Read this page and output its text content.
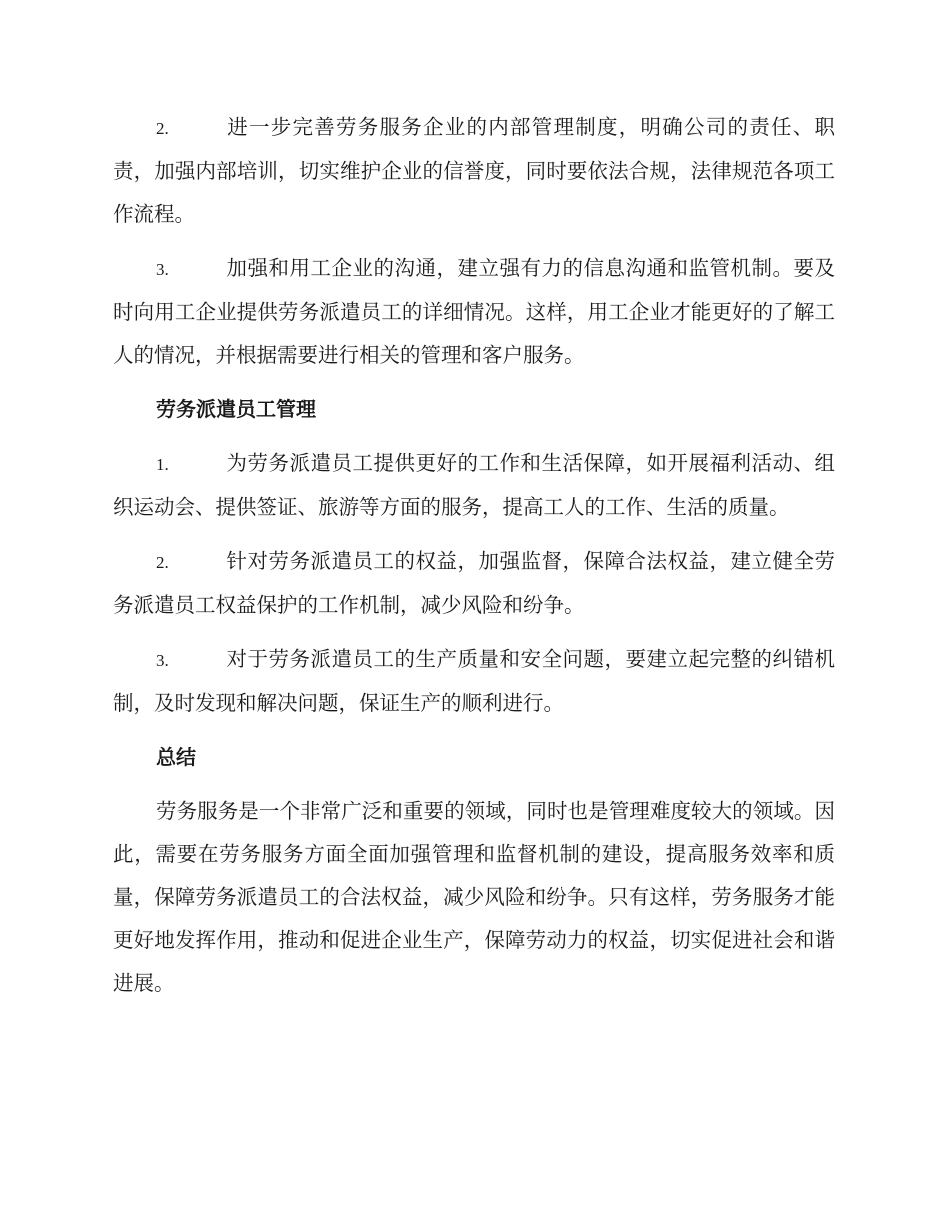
2.	进一步完善劳务服务企业的内部管理制度，明确公司的责任、职责，加强内部培训，切实维护企业的信誉度，同时要依法合规，法律规范各项工作流程。

3.	加强和用工企业的沟通，建立强有力的信息沟通和监管机制。要及时向用工企业提供劳务派遣员工的详细情况。这样，用工企业才能更好的了解工人的情况，并根据需要进行相关的管理和客户服务。

劳务派遣员工管理

1.	为劳务派遣员工提供更好的工作和生活保障，如开展福利活动、组织运动会、提供签证、旅游等方面的服务，提高工人的工作、生活的质量。

2.	针对劳务派遣员工的权益，加强监督，保障合法权益，建立健全劳务派遣员工权益保护的工作机制，减少风险和纷争。

3.	对于劳务派遣员工的生产质量和安全问题，要建立起完整的纠错机制，及时发现和解决问题，保证生产的顺利进行。

总结

劳务服务是一个非常广泛和重要的领域，同时也是管理难度较大的领域。因此，需要在劳务服务方面全面加强管理和监督机制的建设，提高服务效率和质量，保障劳务派遣员工的合法权益，减少风险和纷争。只有这样，劳务服务才能更好地发挥作用，推动和促进企业生产，保障劳动力的权益，切实促进社会和谐进展。
